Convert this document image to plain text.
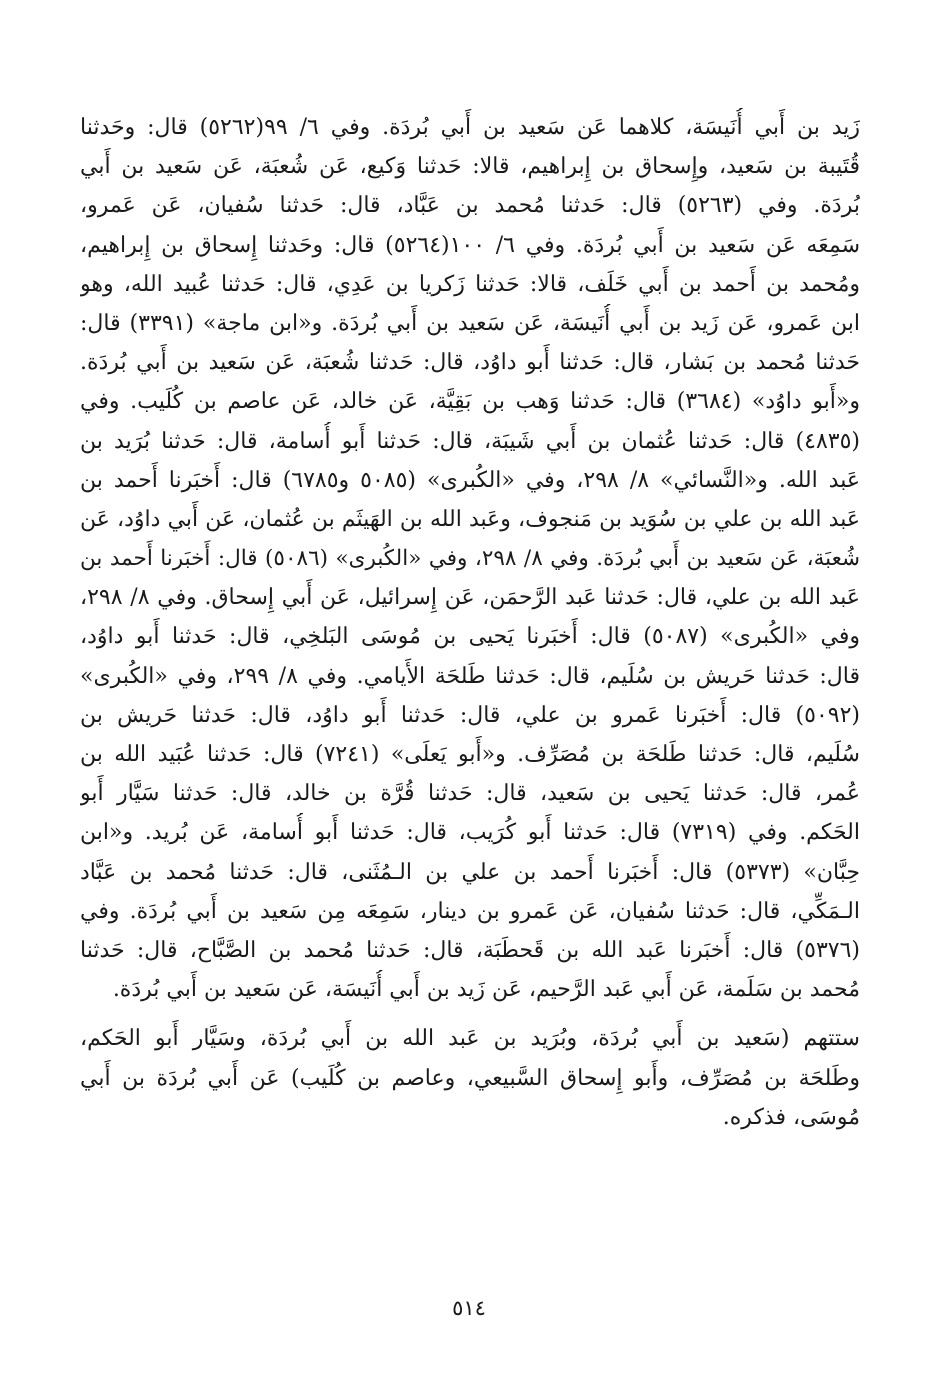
زَيد بن أَبي أُنَيسَة، كلاهما عَن سَعيد بن أَبي بُردَة. وفي ٦/ ٩٩(٥٢٦٢) قال: وحَدثنا
قُتَيبة بن سَعيد، وإِسحاق بن إِبراهيم، قالا: حَدثنا وَكيع، عَن شُعبَة، عَن سَعيد بن أَبي
بُردَة. وفي (٥٢٦٣) قال: حَدثنا مُحمد بن عَبَّاد، قال: حَدثنا سُفيان، عَن عَمرو،
سَمِعَه عَن سَعيد بن أَبي بُردَة. وفي ٦/ ١٠٠(٥٢٦٤) قال: وحَدثنا إِسحاق بن إِبراهيم،
ومُحمد بن أَحمد بن أَبي خَلَف، قالا: حَدثنا زَكريا بن عَدِي، قال: حَدثنا عُبيد الله، وهو
ابن عَمرو، عَن زَيد بن أَبي أُنَيسَة، عَن سَعيد بن أَبي بُردَة. و«ابن ماجة» (٣٣٩١) قال:
حَدثنا مُحمد بن بَشار، قال: حَدثنا أَبو داوُد، قال: حَدثنا شُعبَة، عَن سَعيد بن أَبي بُردَة.
و«أَبو داوُد» (٣٦٨٤) قال: حَدثنا وَهب بن بَقِيَّة، عَن خالد، عَن عاصم بن كُلَيب. وفي
(٤٨٣٥) قال: حَدثنا عُثمان بن أَبي شَيبَة، قال: حَدثنا أَبو أُسامة، قال: حَدثنا بُرَيد بن
عَبد الله. و«النَّسائي» ٨/ ٢٩٨، وفي «الكُبرى» (٥٠٨٥ و٦٧٨٥) قال: أَخبَرنا أَحمد بن
عَبد الله بن علي بن سُوَيد بن مَنجوف، وعَبد الله بن الهَيثَم بن عُثمان، عَن أَبي داوُد، عَن
شُعبَة، عَن سَعيد بن أَبي بُردَة. وفي ٨/ ٢٩٨، وفي «الكُبرى» (٥٠٨٦) قال: أَخبَرنا أَحمد بن
عَبد الله بن علي، قال: حَدثنا عَبد الرَّحمَن، عَن إِسرائيل، عَن أَبي إِسحاق. وفي ٨/ ٢٩٨،
وفي «الكُبرى» (٥٠٨٧) قال: أَخبَرنا يَحيى بن مُوسَى البَلخِي، قال: حَدثنا أَبو داوُد،
قال: حَدثنا حَريش بن سُلَيم، قال: حَدثنا طَلحَة الأَيامي. وفي ٨/ ٢٩٩، وفي «الكُبرى»
(٥٠٩٢) قال: أَخبَرنا عَمرو بن علي، قال: حَدثنا أَبو داوُد، قال: حَدثنا حَريش بن
سُلَيم، قال: حَدثنا طَلحَة بن مُصَرِّف. و«أَبو يَعلَى» (٧٢٤١) قال: حَدثنا عُبَيد الله بن
عُمر، قال: حَدثنا يَحيى بن سَعيد، قال: حَدثنا قُرَّة بن خالد، قال: حَدثنا سَيَّار أَبو
الحَكم. وفي (٧٣١٩) قال: حَدثنا أَبو كُرَيب، قال: حَدثنا أَبو أُسامة، عَن بُريد. و«ابن
حِبَّان» (٥٣٧٣) قال: أَخبَرنا أَحمد بن علي بن الـمُثَنى، قال: حَدثنا مُحمد بن عَبَّاد
الـمَكِّي، قال: حَدثنا سُفيان، عَن عَمرو بن دينار، سَمِعَه مِن سَعيد بن أَبي بُردَة. وفي
(٥٣٧٦) قال: أَخبَرنا عَبد الله بن قَحطَبَة، قال: حَدثنا مُحمد بن الصَّبَّاح، قال: حَدثنا
مُحمد بن سَلَمة، عَن أَبي عَبد الرَّحيم، عَن زَيد بن أَبي أُنَيسَة، عَن سَعيد بن أَبي بُردَة.
ستتهم (سَعيد بن أَبي بُردَة، وبُرَيد بن عَبد الله بن أَبي بُردَة، وسَيَّار أَبو الحَكم،
وطَلحَة بن مُصَرِّف، وأَبو إِسحاق السَّبيعي، وعاصم بن كُلَيب) عَن أَبي بُردَة بن أَبي
مُوسَى، فذكره.
٥١٤
